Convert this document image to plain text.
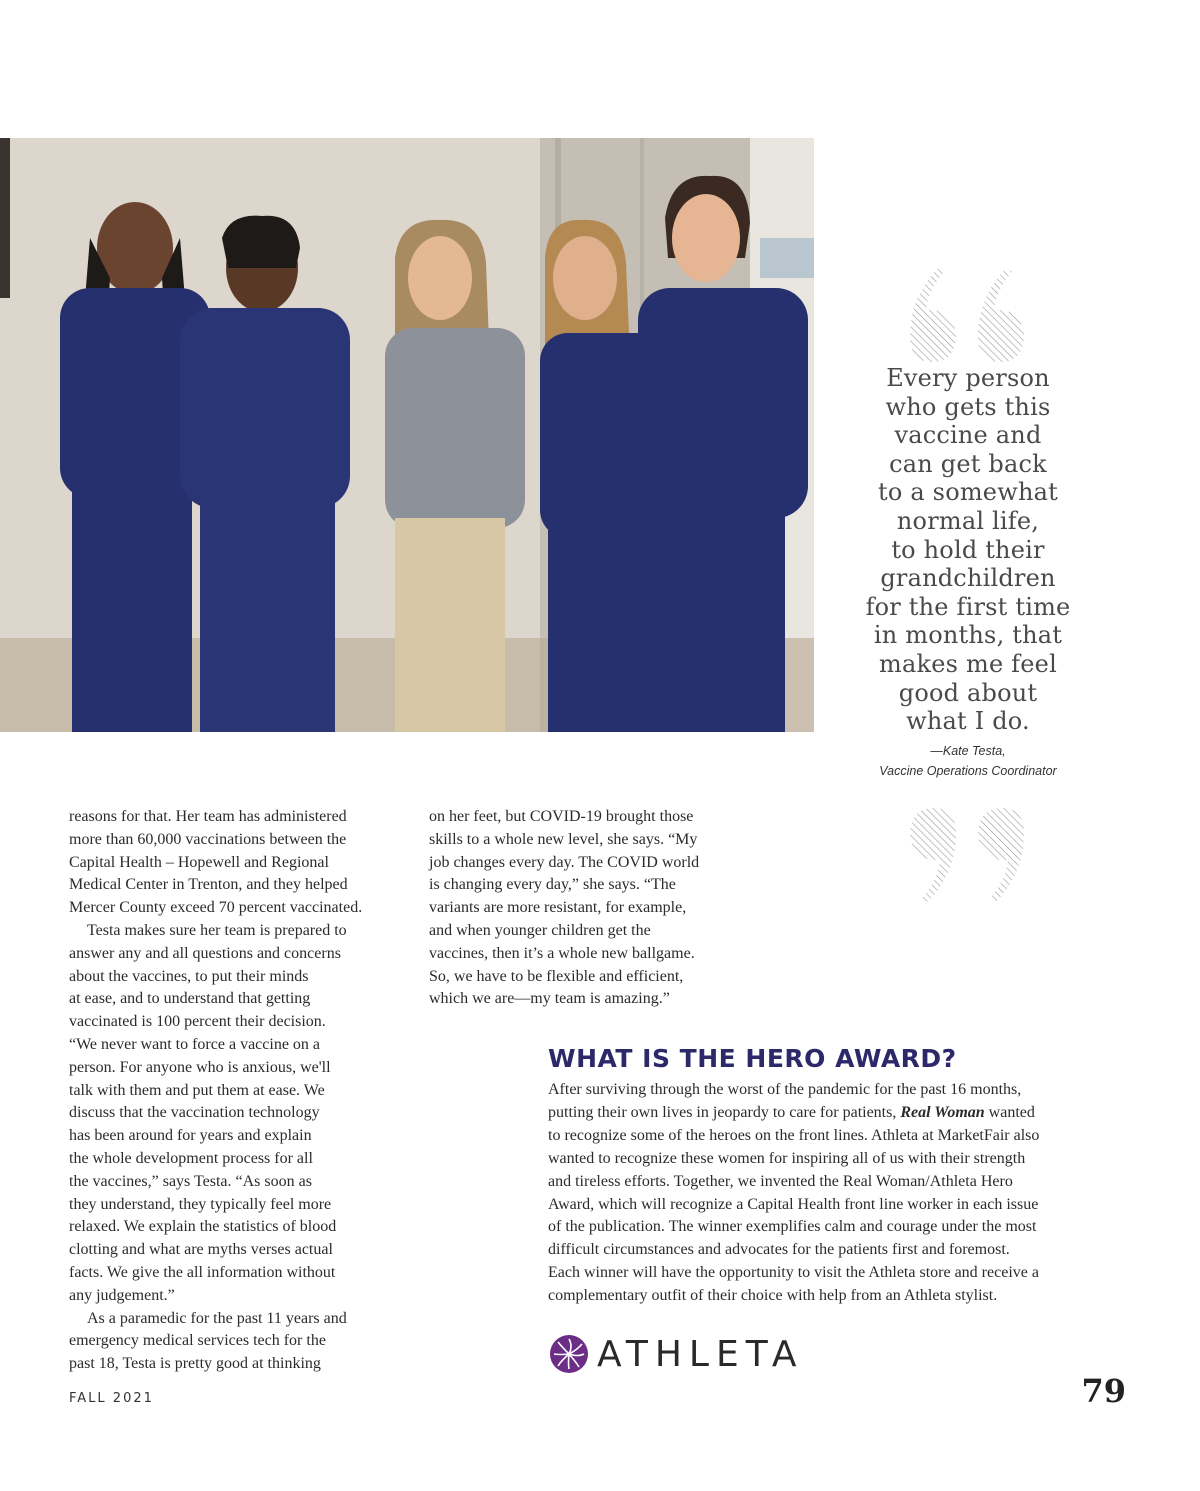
Every person
who gets this
vaccine and
can get back
to a somewhat
normal life,
to hold their
grandchildren
for the first time
in months, that
makes me feel
good about
what I do.
—Kate Testa,
Vaccine Operations Coordinator
reasons for that. Her team has administered
more than 60,000 vaccinations between the
Capital Health – Hopewell and Regional
Medical Center in Trenton, and they helped
Mercer County exceed 70 percent vaccinated.
Testa makes sure her team is prepared to
answer any and all questions and concerns
about the vaccines, to put their minds
at ease, and to understand that getting
vaccinated is 100 percent their decision.
“We never want to force a vaccine on a
person. For anyone who is anxious, we'll
talk with them and put them at ease. We
discuss that the vaccination technology
has been around for years and explain
the whole development process for all
the vaccines,” says Testa. “As soon as
they understand, they typically feel more
relaxed. We explain the statistics of blood
clotting and what are myths verses actual
facts. We give the all information without
any judgement.”
As a paramedic for the past 11 years and
emergency medical services tech for the
past 18, Testa is pretty good at thinking
on her feet, but COVID-19 brought those
skills to a whole new level, she says. “My
job changes every day. The COVID world
is changing every day,” she says. “The
variants are more resistant, for example,
and when younger children get the
vaccines, then it’s a whole new ballgame.
So, we have to be flexible and efficient,
which we are—my team is amazing.”
WHAT IS THE HERO AWARD?
After surviving through the worst of the pandemic for the past 16 months,
putting their own lives in jeopardy to care for patients, Real Woman wanted
to recognize some of the heroes on the front lines. Athleta at MarketFair also
wanted to recognize these women for inspiring all of us with their strength
and tireless efforts. Together, we invented the Real Woman/Athleta Hero
Award, which will recognize a Capital Health front line worker in each issue
of the publication. The winner exemplifies calm and courage under the most
difficult circumstances and advocates for the patients first and foremost.
Each winner will have the opportunity to visit the Athleta store and receive a
complementary outfit of their choice with help from an Athleta stylist.
ATHLETA
FALL 2021	79
